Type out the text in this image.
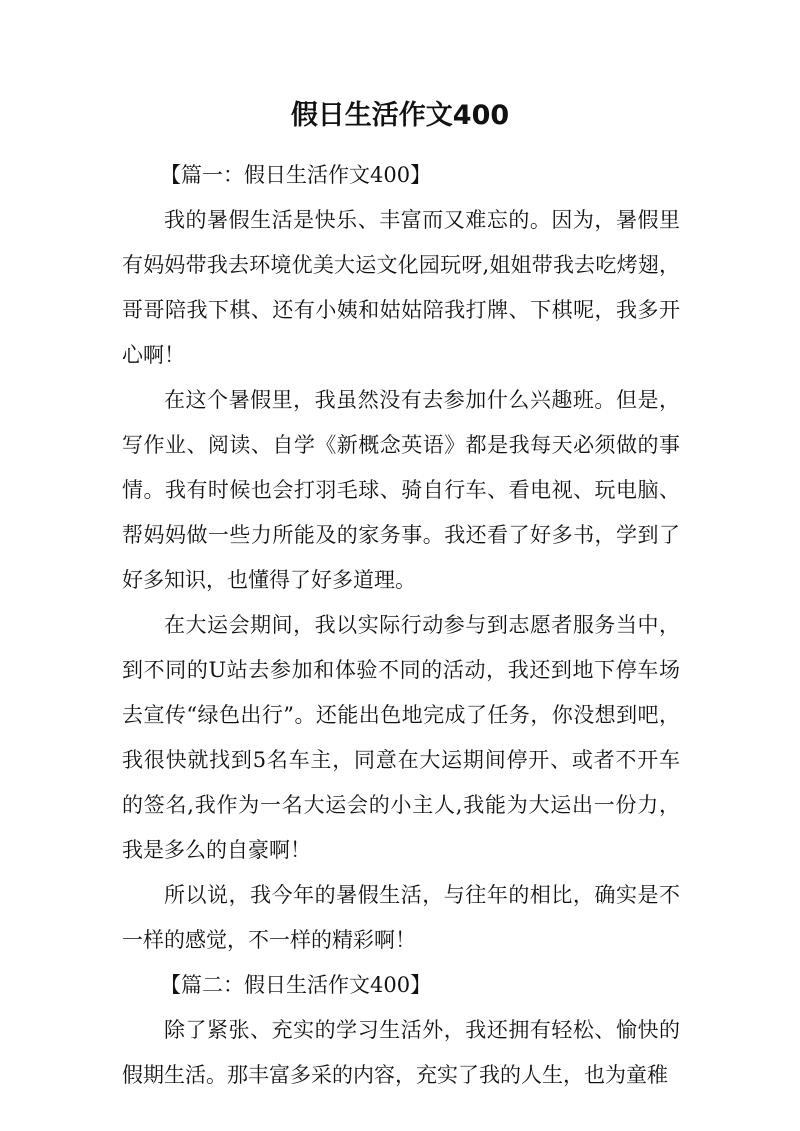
假日生活作文400

【篇一：假日生活作文400】

我的暑假生活是快乐、丰富而又难忘的。因为，暑假里有妈妈带我去环境优美大运文化园玩呀,姐姐带我去吃烤翅，哥哥陪我下棋、还有小姨和姑姑陪我打牌、下棋呢，我多开心啊！

在这个暑假里，我虽然没有去参加什么兴趣班。但是，写作业、阅读、自学《新概念英语》都是我每天必须做的事情。我有时候也会打羽毛球、骑自行车、看电视、玩电脑、帮妈妈做一些力所能及的家务事。我还看了好多书，学到了好多知识，也懂得了好多道理。

在大运会期间，我以实际行动参与到志愿者服务当中，到不同的U站去参加和体验不同的活动，我还到地下停车场去宣传“绿色出行”。还能出色地完成了任务，你没想到吧，我很快就找到5名车主，同意在大运期间停开、或者不开车的签名,我作为一名大运会的小主人,我能为大运出一份力，我是多么的自豪啊！

所以说，我今年的暑假生活，与往年的相比，确实是不一样的感觉，不一样的精彩啊！

【篇二：假日生活作文400】

除了紧张、充实的学习生活外，我还拥有轻松、愉快的假期生活。那丰富多采的内容，充实了我的人生，也为童稚
